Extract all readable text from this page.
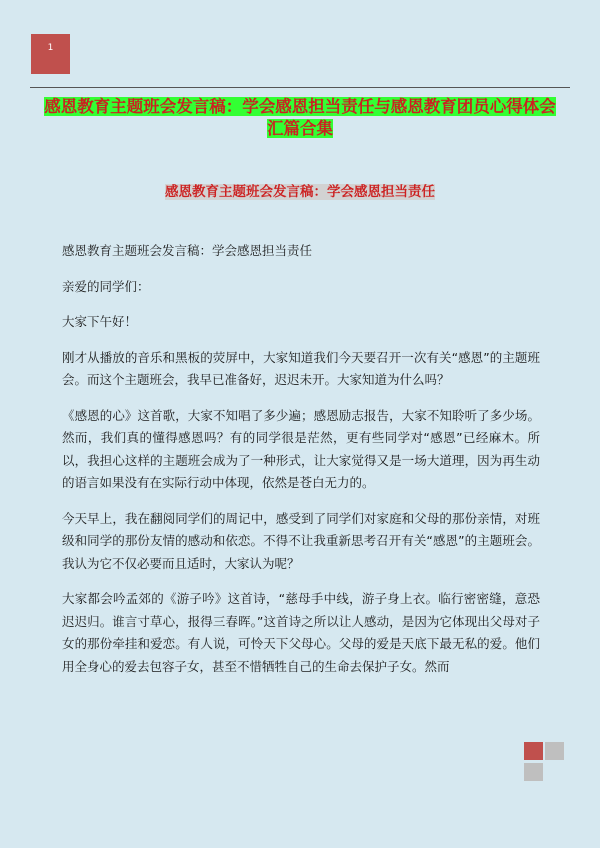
1
感恩教育主题班会发言稿：学会感恩担当责任与感恩教育团员心得体会汇篇合集
感恩教育主题班会发言稿：学会感恩担当责任

感恩教育主题班会发言稿：学会感恩担当责任

亲爱的同学们：

大家下午好！

刚才从播放的音乐和黑板的荧屏中，大家知道我们今天要召开一次有关“感恩”的主题班会。而这个主题班会，我早已准备好，迟迟未开。大家知道为什么吗？

《感恩的心》这首歌，大家不知唱了多少遍；感恩励志报告，大家不知聆听了多少场。然而，我们真的懂得感恩吗？有的同学很是茫然，更有些同学对“感恩”已经麻木。所以，我担心这样的主题班会成为了一种形式，让大家觉得又是一场大道理，因为再生动的语言如果没有在实际行动中体现，依然是苍白无力的。

今天早上，我在翻阅同学们的周记中，感受到了同学们对家庭和父母的那份亲情，对班级和同学的那份友情的感动和依恋。不得不让我重新思考召开有关“感恩”的主题班会。我认为它不仅必要而且适时，大家认为呢？

大家都会吟孟郊的《游子吟》这首诗，“慈母手中线，游子身上衣。临行密密缝，意恐迟迟归。谁言寸草心，报得三春晖。”这首诗之所以让人感动，是因为它体现出父母对子女的那份牵挂和爱恋。有人说，可怜天下父母心。父母的爱是天底下最无私的爱。他们用全身心的爱去包容子女，甚至不惜牺牲自己的生命去保护子女。然而
